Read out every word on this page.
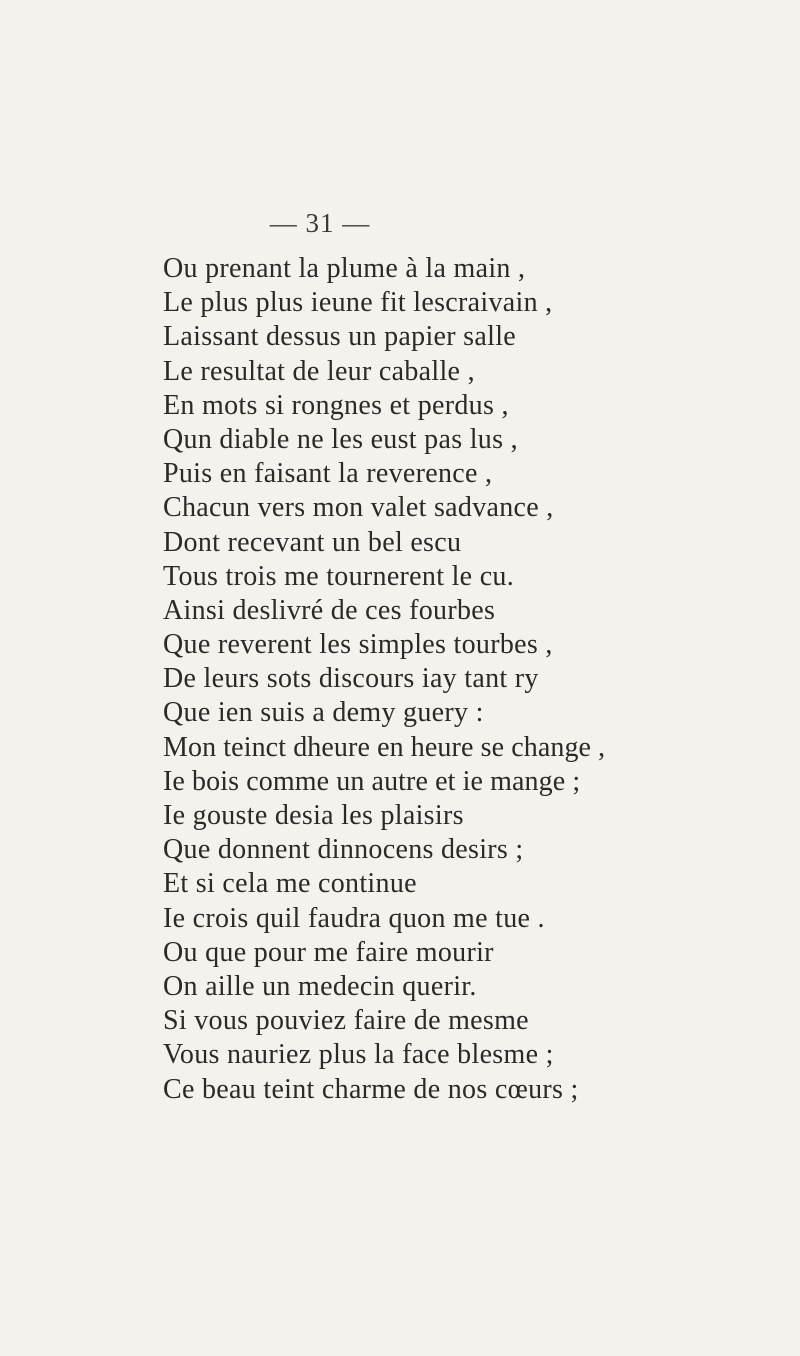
— 31 —
Ou prenant la plume à la main ,
Le plus plus ieune fit lescraivain ,
Laissant dessus un papier salle
Le resultat de leur caballe ,
En mots si rongnes et perdus ,
Qun diable ne les eust pas lus ,
Puis en faisant la reverence ,
Chacun vers mon valet sadvance ,
Dont recevant un bel escu
Tous trois me tournerent le cu.
Ainsi deslivré de ces fourbes
Que reverent les simples tourbes ,
De leurs sots discours iay tant ry
Que ien suis a demy guery :
Mon teinct dheure en heure se change ,
Ie bois comme un autre et ie mange ;
Ie gouste desia les plaisirs
Que donnent dinnocens desirs ;
Et si cela me continue
Ie crois quil faudra quon me tue .
Ou que pour me faire mourir
On aille un medecin querir.
Si vous pouviez faire de mesme
Vous nauriez plus la face blesme ;
Ce beau teint charme de nos cœurs ;
